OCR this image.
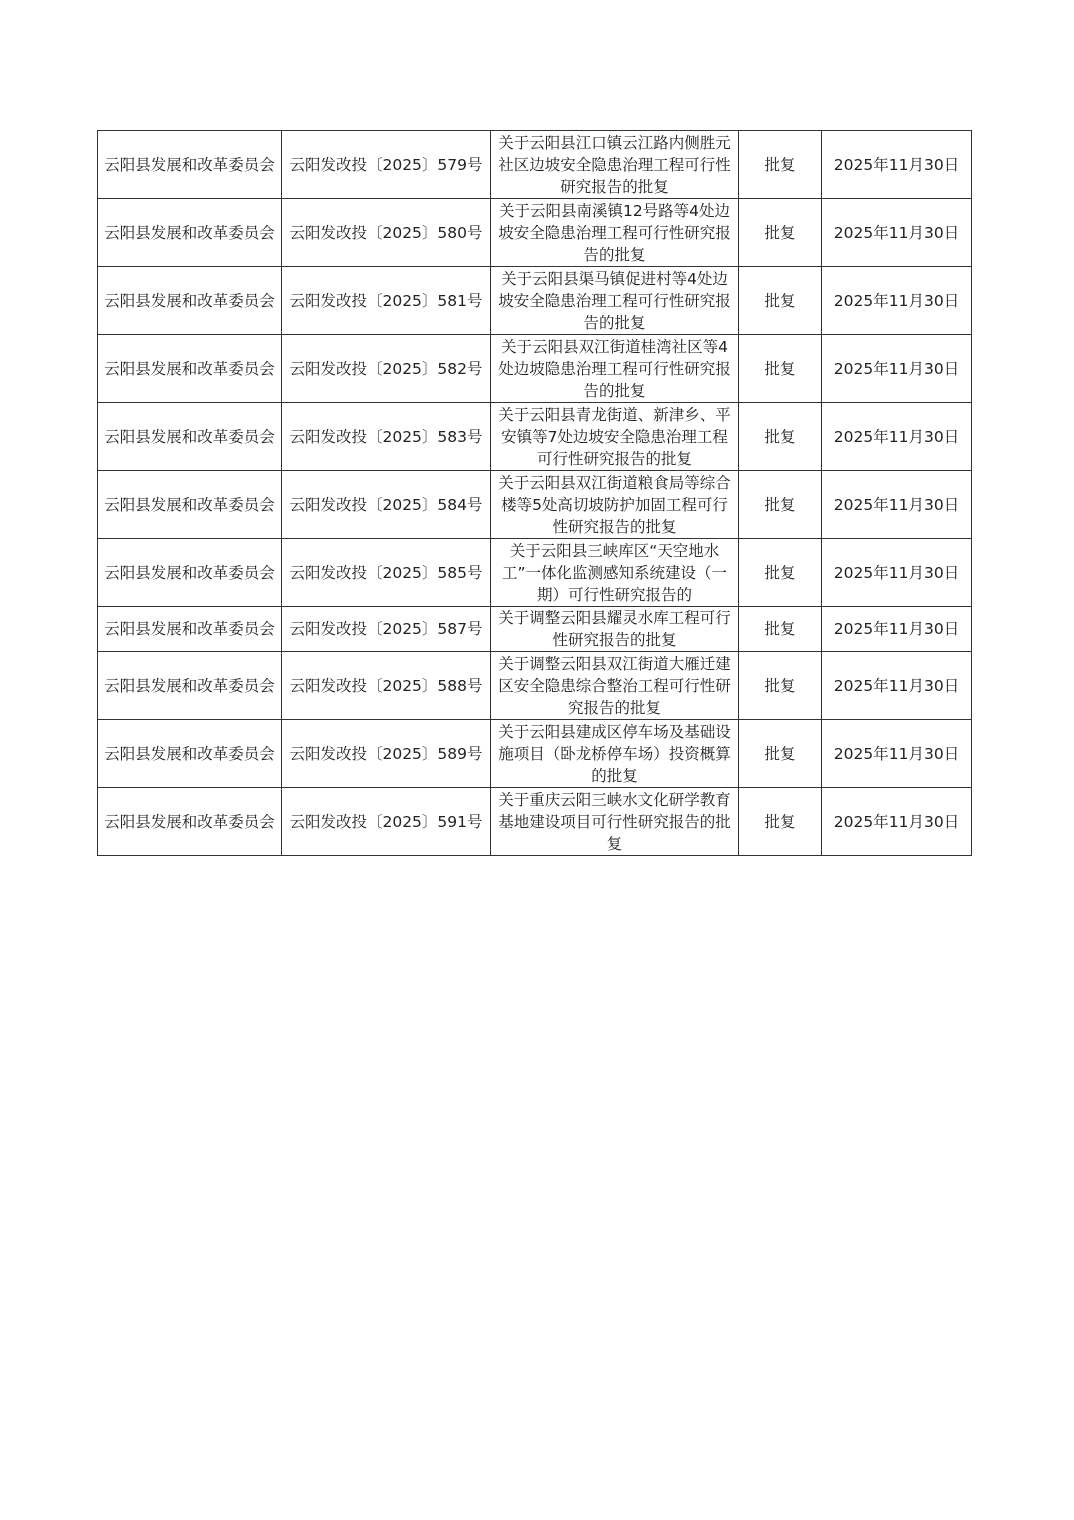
云阳县发展和改革委员会	云阳发改投〔2025〕579号	关于云阳县江口镇云江路内侧胜元社区边坡安全隐患治理工程可行性研究报告的批复	批复	2025年11月30日
云阳县发展和改革委员会	云阳发改投〔2025〕580号	关于云阳县南溪镇12号路等4处边坡安全隐患治理工程可行性研究报告的批复	批复	2025年11月30日
云阳县发展和改革委员会	云阳发改投〔2025〕581号	关于云阳县渠马镇促进村等4处边坡安全隐患治理工程可行性研究报告的批复	批复	2025年11月30日
云阳县发展和改革委员会	云阳发改投〔2025〕582号	关于云阳县双江街道桂湾社区等4处边坡隐患治理工程可行性研究报告的批复	批复	2025年11月30日
云阳县发展和改革委员会	云阳发改投〔2025〕583号	关于云阳县青龙街道、新津乡、平安镇等7处边坡安全隐患治理工程可行性研究报告的批复	批复	2025年11月30日
云阳县发展和改革委员会	云阳发改投〔2025〕584号	关于云阳县双江街道粮食局等综合楼等5处高切坡防护加固工程可行性研究报告的批复	批复	2025年11月30日
云阳县发展和改革委员会	云阳发改投〔2025〕585号	关于云阳县三峡库区“天空地水工”一体化监测感知系统建设（一期）可行性研究报告的	批复	2025年11月30日
云阳县发展和改革委员会	云阳发改投〔2025〕587号	关于调整云阳县耀灵水库工程可行性研究报告的批复	批复	2025年11月30日
云阳县发展和改革委员会	云阳发改投〔2025〕588号	关于调整云阳县双江街道大雁迁建区安全隐患综合整治工程可行性研究报告的批复	批复	2025年11月30日
云阳县发展和改革委员会	云阳发改投〔2025〕589号	关于云阳县建成区停车场及基础设施项目（卧龙桥停车场）投资概算的批复	批复	2025年11月30日
云阳县发展和改革委员会	云阳发改投〔2025〕591号	关于重庆云阳三峡水文化研学教育基地建设项目可行性研究报告的批复	批复	2025年11月30日
